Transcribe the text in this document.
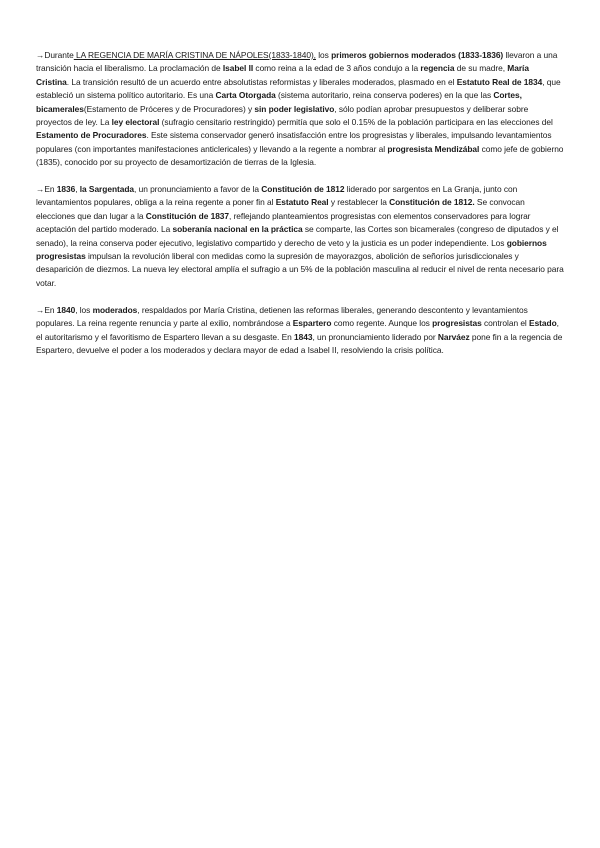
→Durante LA REGENCIA DE MARÍA CRISTINA DE NÁPOLES(1833-1840), los primeros gobiernos moderados (1833-1836) llevaron a una transición hacia el liberalismo. La proclamación de Isabel II como reina a la edad de 3 años condujo a la regencia de su madre, María Cristina. La transición resultó de un acuerdo entre absolutistas reformistas y liberales moderados, plasmado en el Estatuto Real de 1834, que estableció un sistema político autoritario. Es una Carta Otorgada (sistema autoritario, reina conserva poderes) en la que las Cortes, bicamerales(Estamento de Próceres y de Procuradores) y sin poder legislativo, sólo podían aprobar presupuestos y deliberar sobre proyectos de ley. La ley electoral (sufragio censitario restringido) permitía que solo el 0.15% de la población participara en las elecciones del Estamento de Procuradores. Este sistema conservador generó insatisfacción entre los progresistas y liberales, impulsando levantamientos populares (con importantes manifestaciones anticlericales) y llevando a la regente a nombrar al progresista Mendizábal como jefe de gobierno (1835), conocido por su proyecto de desamortización de tierras de la Iglesia.

→En 1836, la Sargentada, un pronunciamiento a favor de la Constitución de 1812 liderado por sargentos en La Granja, junto con levantamientos populares, obliga a la reina regente a poner fin al Estatuto Real y restablecer la Constitución de 1812. Se convocan elecciones que dan lugar a la Constitución de 1837, reflejando planteamientos progresistas con elementos conservadores para lograr aceptación del partido moderado. La soberanía nacional en la práctica se comparte, las Cortes son bicamerales (congreso de diputados y el senado), la reina conserva poder ejecutivo, legislativo compartido y derecho de veto y la justicia es un poder independiente. Los gobiernos progresistas impulsan la revolución liberal con medidas como la supresión de mayorazgos, abolición de señoríos jurisdiccionales y desaparición de diezmos. La nueva ley electoral amplía el sufragio a un 5% de la población masculina al reducir el nivel de renta necesario para votar.

→En 1840, los moderados, respaldados por María Cristina, detienen las reformas liberales, generando descontento y levantamientos populares. La reina regente renuncia y parte al exilio, nombrándose a Espartero como regente. Aunque los progresistas controlan el Estado, el autoritarismo y el favoritismo de Espartero llevan a su desgaste. En 1843, un pronunciamiento liderado por Narváez pone fin a la regencia de Espartero, devuelve el poder a los moderados y declara mayor de edad a Isabel II, resolviendo la crisis política.
